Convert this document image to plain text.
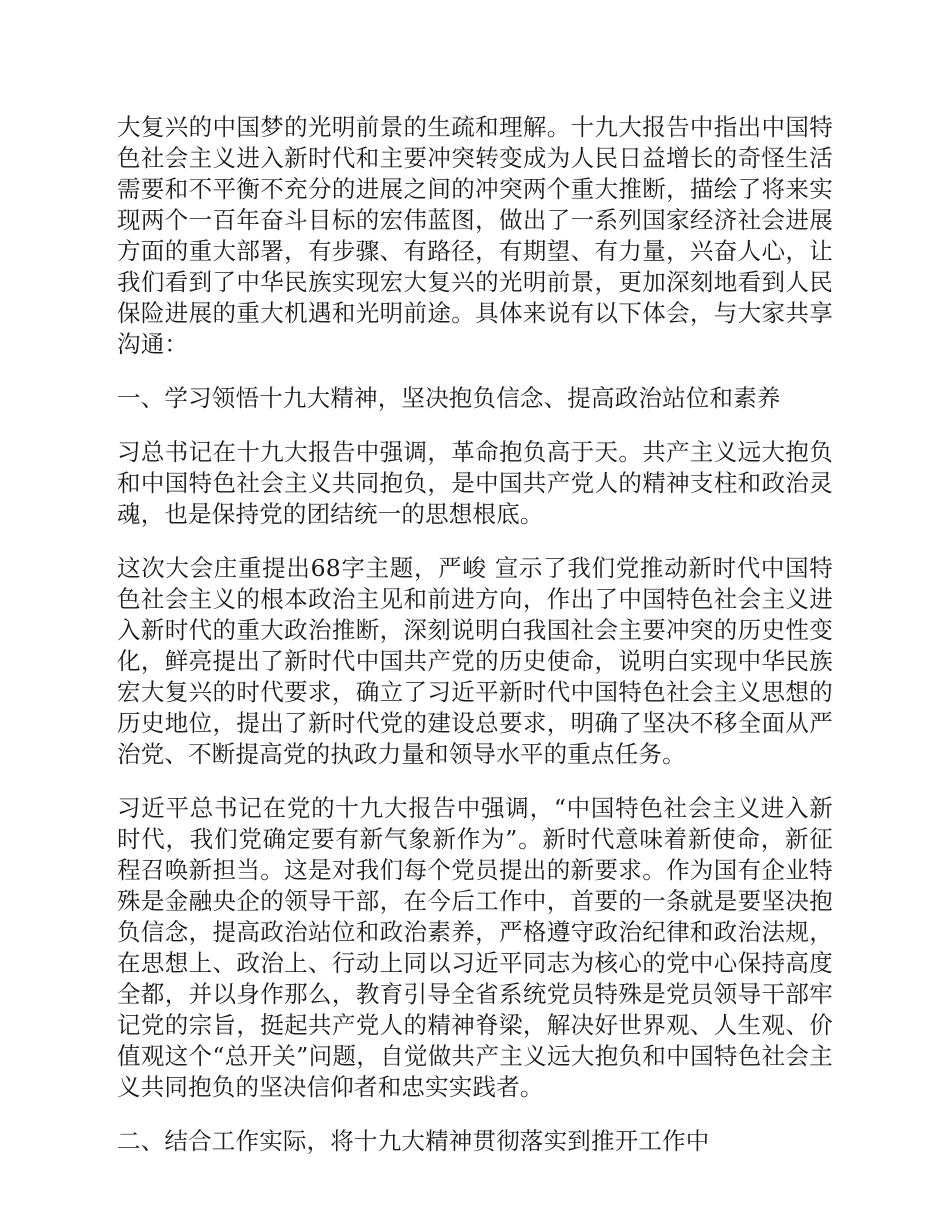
大复兴的中国梦的光明前景的生疏和理解。十九大报告中指出中国特色社会主义进入新时代和主要冲突转变成为人民日益增长的奇怪生活需要和不平衡不充分的进展之间的冲突两个重大推断，描绘了将来实现两个一百年奋斗目标的宏伟蓝图，做出了一系列国家经济社会进展方面的重大部署，有步骤、有路径，有期望、有力量，兴奋人心，让我们看到了中华民族实现宏大复兴的光明前景，更加深刻地看到人民保险进展的重大机遇和光明前途。具体来说有以下体会，与大家共享沟通：

一、学习领悟十九大精神，坚决抱负信念、提高政治站位和素养

习总书记在十九大报告中强调，革命抱负高于天。共产主义远大抱负和中国特色社会主义共同抱负，是中国共产党人的精神支柱和政治灵魂，也是保持党的团结统一的思想根底。

这次大会庄重提出68字主题，严峻 宣示了我们党推动新时代中国特色社会主义的根本政治主见和前进方向，作出了中国特色社会主义进入新时代的重大政治推断，深刻说明白我国社会主要冲突的历史性变化，鲜亮提出了新时代中国共产党的历史使命，说明白实现中华民族宏大复兴的时代要求，确立了习近平新时代中国特色社会主义思想的历史地位，提出了新时代党的建设总要求，明确了坚决不移全面从严治党、不断提高党的执政力量和领导水平的重点任务。

习近平总书记在党的十九大报告中强调，“中国特色社会主义进入新时代，我们党确定要有新气象新作为”。新时代意味着新使命，新征程召唤新担当。这是对我们每个党员提出的新要求。作为国有企业特殊是金融央企的领导干部，在今后工作中，首要的一条就是要坚决抱负信念，提高政治站位和政治素养，严格遵守政治纪律和政治法规，在思想上、政治上、行动上同以习近平同志为核心的党中心保持高度全都，并以身作那么，教育引导全省系统党员特殊是党员领导干部牢记党的宗旨，挺起共产党人的精神脊梁，解决好世界观、人生观、价值观这个“总开关”问题，自觉做共产主义远大抱负和中国特色社会主义共同抱负的坚决信仰者和忠实实践者。

二、结合工作实际，将十九大精神贯彻落实到推开工作中
